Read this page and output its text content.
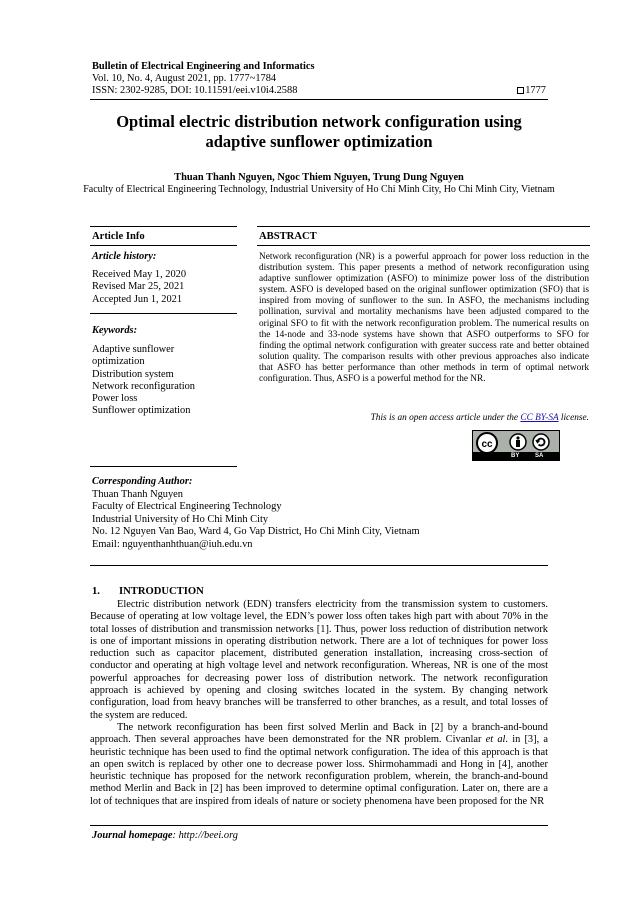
Bulletin of Electrical Engineering and Informatics
Vol. 10, No. 4, August 2021, pp. 1777~1784
ISSN: 2302-9285, DOI: 10.11591/eei.v10i4.2588	1777
Optimal electric distribution network configuration using
adaptive sunflower optimization
Thuan Thanh Nguyen, Ngoc Thiem Nguyen, Trung Dung Nguyen
Faculty of Electrical Engineering Technology, Industrial University of Ho Chi Minh City, Ho Chi Minh City, Vietnam
Article Info
Article history:
Received May 1, 2020
Revised Mar 25, 2021
Accepted Jun 1, 2021
Keywords:
Adaptive sunflower
optimization
Distribution system
Network reconfiguration
Power loss
Sunflower optimization
ABSTRACT
Network reconfiguration (NR) is a powerful approach for power loss reduction in the distribution system. This paper presents a method of network reconfiguration using adaptive sunflower optimization (ASFO) to minimize power loss of the distribution system. ASFO is developed based on the original sunflower optimization (SFO) that is inspired from moving of sunflower to the sun. In ASFO, the mechanisms including pollination, survival and mortality mechanisms have been adjusted compared to the original SFO to fit with the network reconfiguration problem. The numerical results on the 14-node and 33-node systems have shown that ASFO outperforms to SFO for finding the optimal network configuration with greater success rate and better obtained solution quality. The comparison results with other previous approaches also indicate that ASFO has better performance than other methods in term of optimal network configuration. Thus, ASFO is a powerful method for the NR.
This is an open access article under the CC BY-SA license.
cc
BY	SA
Corresponding Author:
Thuan Thanh Nguyen
Faculty of Electrical Engineering Technology
Industrial University of Ho Chi Minh City
No. 12 Nguyen Van Bao, Ward 4, Go Vap District, Ho Chi Minh City, Vietnam
Email: nguyenthanhthuan@iuh.edu.vn
1. INTRODUCTION

Electric distribution network (EDN) transfers electricity from the transmission system to customers. Because of operating at low voltage level, the EDN’s power loss often takes high part with about 70% in the total losses of distribution and transmission networks [1]. Thus, power loss reduction of distribution network is one of important missions in operating distribution network. There are a lot of techniques for power loss reduction such as capacitor placement, distributed generation installation, increasing cross-section of conductor and operating at high voltage level and network reconfiguration. Whereas, NR is one of the most powerful approaches for decreasing power loss of distribution network. The network reconfiguration approach is achieved by opening and closing switches located in the system. By changing network configuration, load from heavy branches will be transferred to other branches, as a result, and total losses of the system are reduced.

The network reconfiguration has been first solved Merlin and Back in [2] by a branch-and-bound approach. Then several approaches have been demonstrated for the NR problem. Civanlar et al. in [3], a heuristic technique has been used to find the optimal network configuration. The idea of this approach is that an open switch is replaced by other one to decrease power loss. Shirmohammadi and Hong in [4], another heuristic technique has proposed for the network reconfiguration problem, wherein, the branch-and-bound method Merlin and Back in [2] has been improved to determine optimal configuration. Later on, there are a lot of techniques that are inspired from ideals of nature or society phenomena have been proposed for the NR

Journal homepage: http://beei.org
